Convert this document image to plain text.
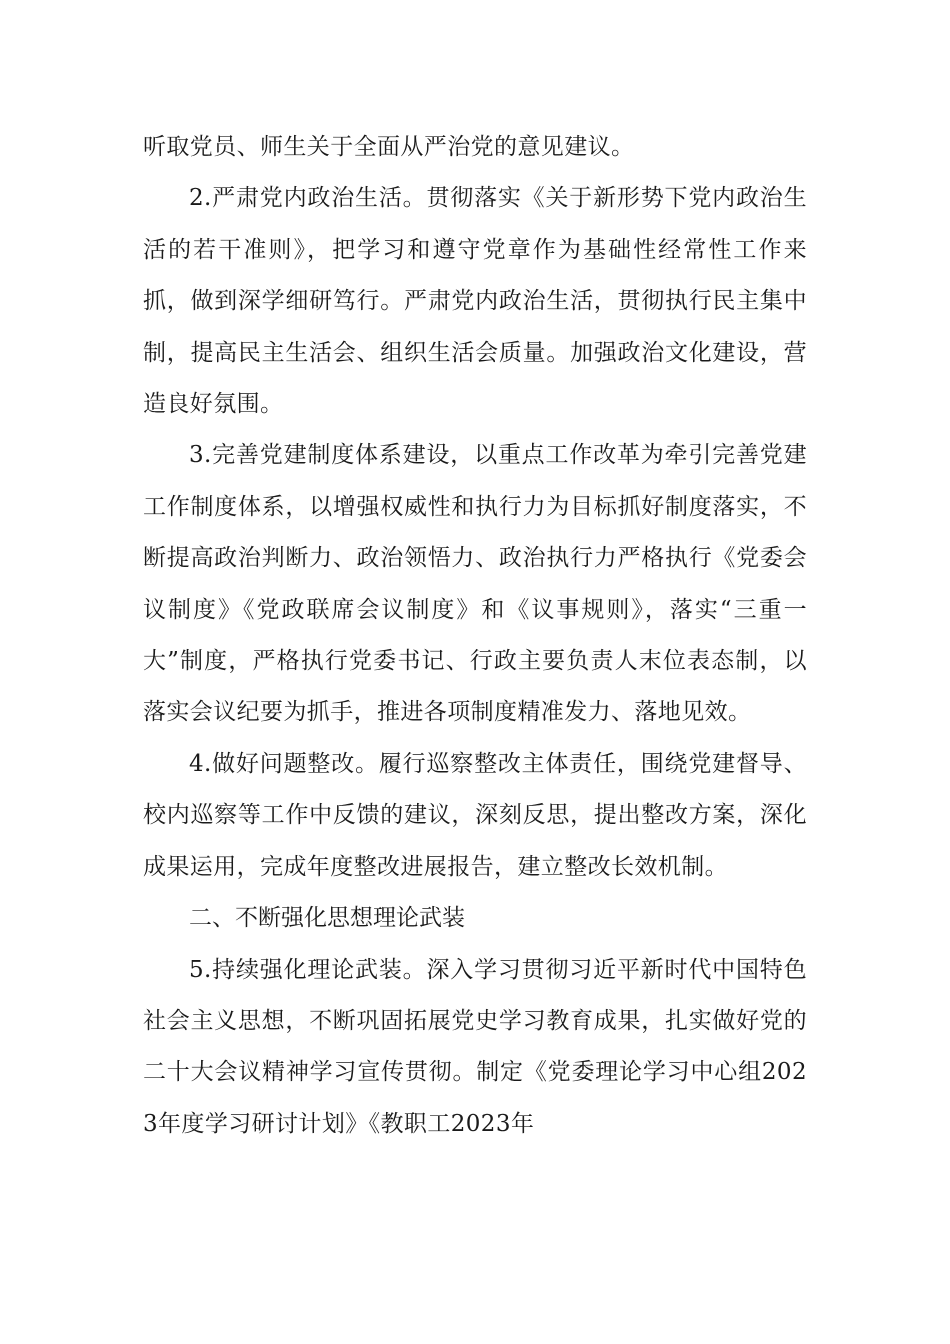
听取党员、师生关于全面从严治党的意见建议。

2.严肃党内政治生活。贯彻落实《关于新形势下党内政治生活的若干准则》，把学习和遵守党章作为基础性经常性工作来抓，做到深学细研笃行。严肃党内政治生活，贯彻执行民主集中制，提高民主生活会、组织生活会质量。加强政治文化建设，营造良好氛围。

3.完善党建制度体系建设，以重点工作改革为牵引完善党建工作制度体系，以增强权威性和执行力为目标抓好制度落实，不断提高政治判断力、政治领悟力、政治执行力严格执行《党委会议制度》《党政联席会议制度》和《议事规则》，落实“三重一大”制度，严格执行党委书记、行政主要负责人末位表态制，以落实会议纪要为抓手，推进各项制度精准发力、落地见效。

4.做好问题整改。履行巡察整改主体责任，围绕党建督导、校内巡察等工作中反馈的建议，深刻反思，提出整改方案，深化成果运用，完成年度整改进展报告，建立整改长效机制。

二、不断强化思想理论武装

5.持续强化理论武装。深入学习贯彻习近平新时代中国特色社会主义思想，不断巩固拓展党史学习教育成果，扎实做好党的二十大会议精神学习宣传贯彻。制定《党委理论学习中心组2023年度学习研讨计划》《教职工2023年
